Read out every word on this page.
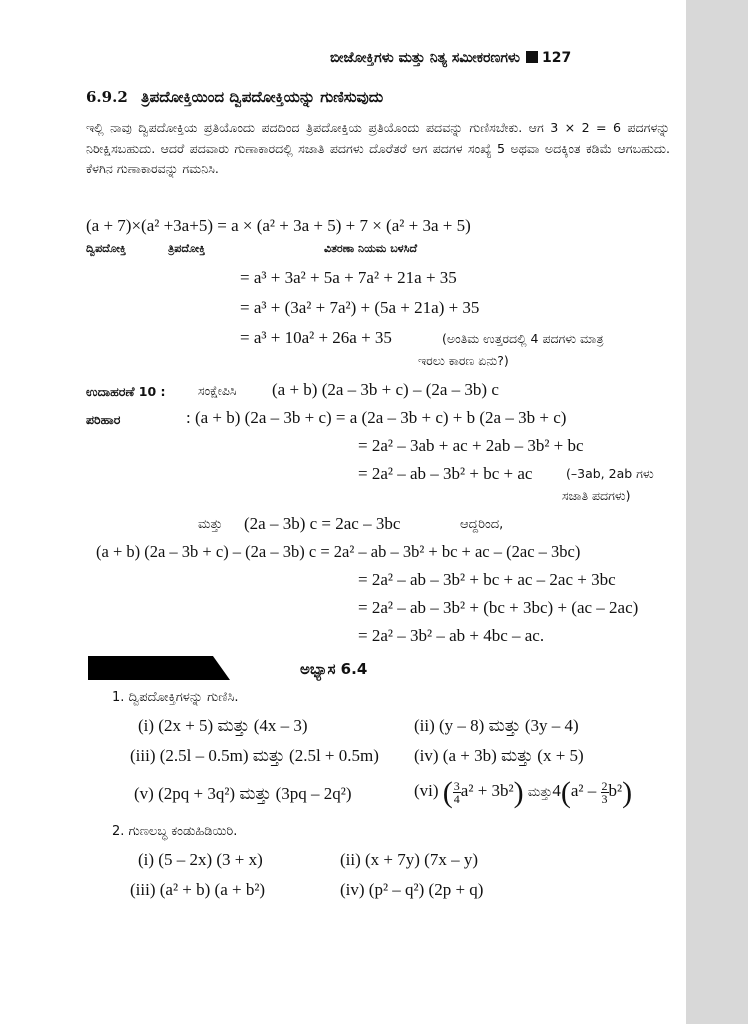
ಬೀಜೋಕ್ತಿಗಳು ಮತ್ತು ನಿತ್ಯ ಸಮೀಕರಣಗಳು 127
6.9.2 ತ್ರಿಪದೋಕ್ತಿಯಿಂದ ದ್ವಿಪದೋಕ್ತಿಯನ್ನು ಗುಣಿಸುವುದು
ಇಲ್ಲಿ ನಾವು ದ್ವಿಪದೋಕ್ತಿಯ ಪ್ರತಿಯೊಂದು ಪದದಿಂದ ತ್ರಿಪದೋಕ್ತಿಯ ಪ್ರತಿಯೊಂದು ಪದವನ್ನು ಗುಣಿಸಬೇಕು. ಆಗ 3 × 2 = 6 ಪದಗಳನ್ನು ನಿರೀಕ್ಷಿಸಬಹುದು. ಆದರೆ ಪದವಾರು ಗುಣಾಕಾರದಲ್ಲಿ ಸಜಾತಿ ಪದಗಳು ದೊರೆತರೆ ಆಗ ಪದಗಳ ಸಂಖ್ಯೆ 5 ಅಥವಾ ಅದಕ್ಕಿಂತ ಕಡಿಮೆ ಆಗಬಹುದು. ಕೆಳಗಿನ ಗುಣಾಕಾರವನ್ನು ಗಮನಿಸಿ.
(a + 7)×(a² +3a+5) = a × (a² + 3a + 5) + 7 × (a² + 3a + 5)
ದ್ವಿಪದೋಕ್ತಿ	ತ್ರಿಪದೋಕ್ತಿ	ವಿತರಣಾ ನಿಯಮ ಬಳಸಿದೆ
= a³ + 3a² + 5a + 7a² + 21a + 35
= a³ + (3a² + 7a²) + (5a + 21a) + 35
= a³ + 10a² + 26a + 35	(ಅಂತಿಮ ಉತ್ತರದಲ್ಲಿ 4 ಪದಗಳು ಮಾತ್ರ
ಇರಲು ಕಾರಣ ಏನು?)
ಉದಾಹರಣೆ 10 :	ಸಂಕ್ಷೇಪಿಸಿ (a + b) (2a – 3b + c) – (2a – 3b) c
ಪರಿಹಾರ	: (a + b) (2a – 3b + c) = a (2a – 3b + c) + b (2a – 3b + c)
= 2a² – 3ab + ac + 2ab – 3b² + bc
= 2a² – ab – 3b² + bc + ac	(–3ab, 2ab ಗಳು
ಸಜಾತಿ ಪದಗಳು)
ಮತ್ತು (2a – 3b) c = 2ac – 3bc	ಆದ್ದರಿಂದ,
(a + b) (2a – 3b + c) – (2a – 3b) c = 2a² – ab – 3b² + bc + ac – (2ac – 3bc)
= 2a² – ab – 3b² + bc + ac – 2ac + 3bc
= 2a² – ab – 3b² + (bc + 3bc) + (ac – 2ac)
= 2a² – 3b² – ab + 4bc – ac.
ಅಭ್ಯಾಸ 6.4
1. ದ್ವಿಪದೋಕ್ತಿಗಳನ್ನು ಗುಣಿಸಿ.
(i) (2x + 5) ಮತ್ತು (4x – 3)	(ii) (y – 8) ಮತ್ತು (3y – 4)
(iii) (2.5l – 0.5m) ಮತ್ತು (2.5l + 0.5m) (iv) (a + 3b) ಮತ್ತು (x + 5)
(v) (2pq + 3q²) ಮತ್ತು (3pq – 2q²)	(vi) ( $\frac{3}{4} a^2 + 3b^2$) ಮತ್ತು4(a² – $\frac{2}{3} b^2$)
2. ಗುಣಲಬ್ಧ ಕಂಡುಹಿಡಿಯಿರಿ.
(i) (5 – 2x) (3 + x)	(ii) (x + 7y) (7x – y)
(iii) (a² + b) (a + b²)	(iv) (p² – q²) (2p + q)
